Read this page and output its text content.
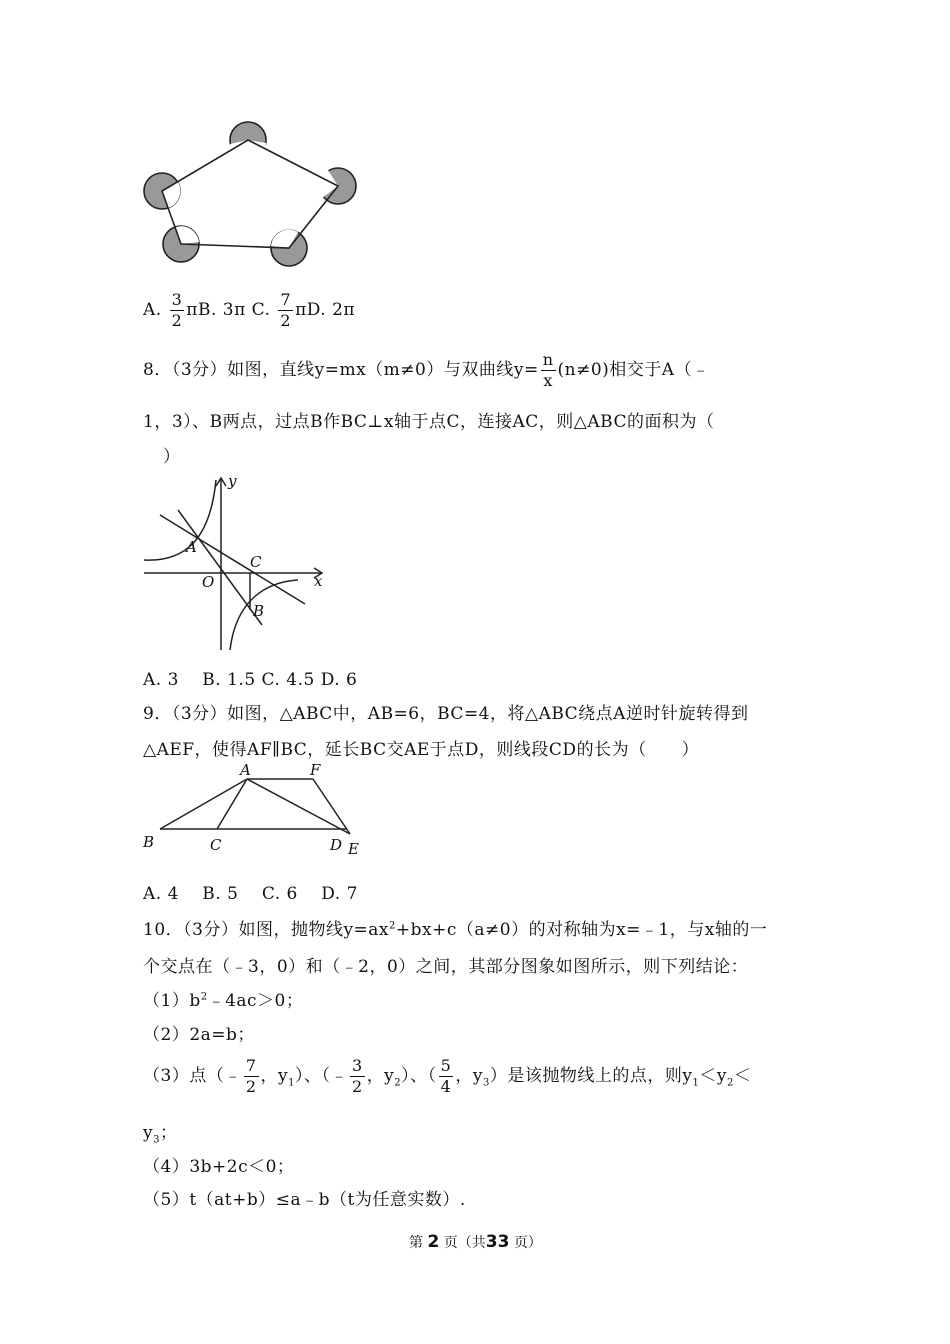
A. $\frac{3}{2} \pi B$. 3π C. $\frac{7}{2} \pi D$. 2π
8．（3分）如图，直线y=mx（m≠0）与双曲线$y= \frac{n}{x} (n\ne 0)$相交于A（﹣
1，3）、B两点，过点B作BC⊥x轴于点C，连接AC，则△ABC的面积为（
）
y
x
A
O
C
B
A. 3　 B. 1.5 C. 4.5 D. 6
9．（3分）如图，△ABC中，AB=6，BC=4，将△ABC绕点A逆时针旋转得到
△AEF，使得AF∥BC，延长BC交AE于点D，则线段CD的长为（　　）
A	F
B	C	D E
A. 4　 B. 5　 C. 6　 D. 7
10．（3分）如图，抛物线$y=ax^2+bx+c(a\ne 0)$的对称轴为x=﹣1，与x轴的一
个交点在（﹣3，0）和（﹣2，0）之间，其部分图象如图所示，则下列结论：
$(1)b^2﹣4ac>0$；
（2）2a=b；
（3）点（﹣ $\frac{7}{2}$ ，$y_1$）、（﹣ $\frac{3}{2}$ ，$y_2$）、（ $\frac{5}{4}$ ，$y_3$）是该抛物线上的点，则$y_1<y_2<$
$y_3$；
（4）3b+2c＜0；
（5）t（at+b）≤a﹣b（t为任意实数）.
第 2 页（共33 页）
